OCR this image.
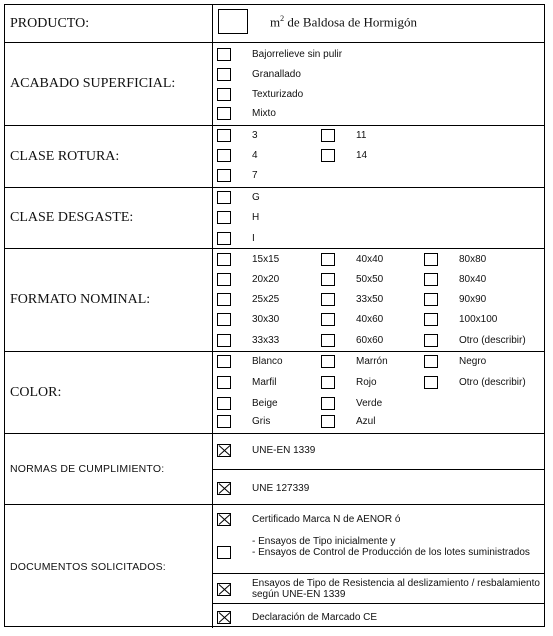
PRODUCTO:	$m^2$ de Baldosa de Hormigón
ACABADO SUPERFICIAL:
Bajorrelieve sin pulir
Granallado
Texturizado
Mixto
CLASE ROTURA:
3
4
7
11
14
CLASE DESGASTE:
G
H
I
FORMATO NOMINAL:
15x15
20x20
25x25
30x30
33x33
40x40
50x50
33x50
40x60
60x60
80x80
80x40
90x90
100x100
Otro (describir)
COLOR:
Blanco
Marfil
Beige
Gris
Marrón
Rojo
Verde
Azul
Negro
Otro (describir)
NORMAS DE CUMPLIMIENTO:
UNE-EN 1339
UNE 127339
DOCUMENTOS SOLICITADOS:
Certificado Marca N de AENOR ó
- Ensayos de Tipo inicialmente y
- Ensayos de Control de Producción de los lotes suministrados
Ensayos de Tipo de Resistencia al deslizamiento / resbalamiento según UNE-EN 1339
Declaración de Marcado CE
